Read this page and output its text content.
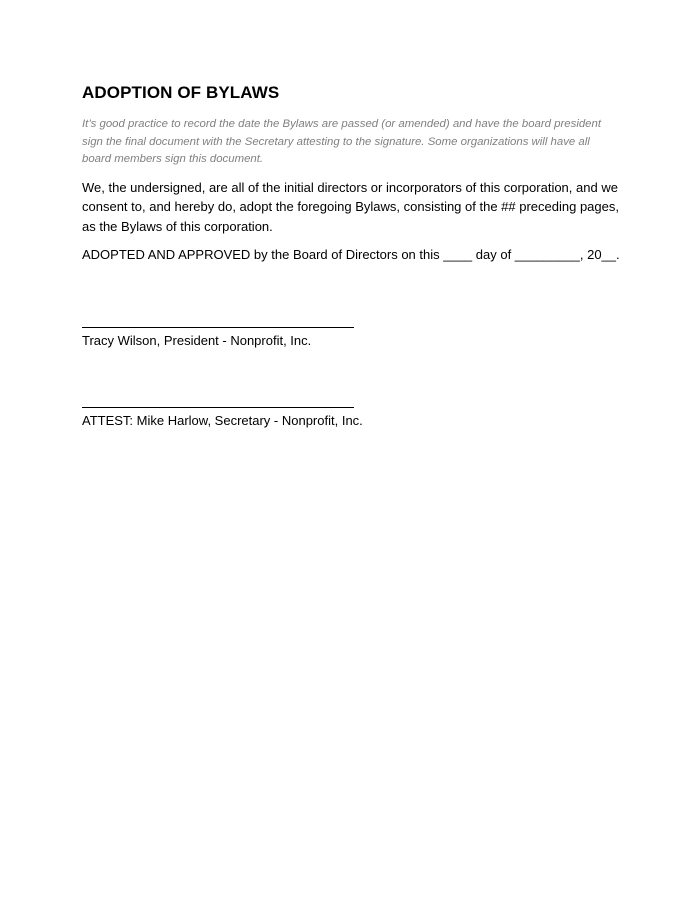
ADOPTION OF BYLAWS

It’s good practice to record the date the Bylaws are passed (or amended) and have the board president sign the final document with the Secretary attesting to the signature. Some organizations will have all board members sign this document.

We, the undersigned, are all of the initial directors or incorporators of this corporation, and we consent to, and hereby do, adopt the foregoing Bylaws, consisting of the ## preceding pages, as the Bylaws of this corporation.

ADOPTED AND APPROVED by the Board of Directors on this ____ day of _________, 20__.

Tracy Wilson, President - Nonprofit, Inc.
ATTEST: Mike Harlow, Secretary - Nonprofit, Inc.
